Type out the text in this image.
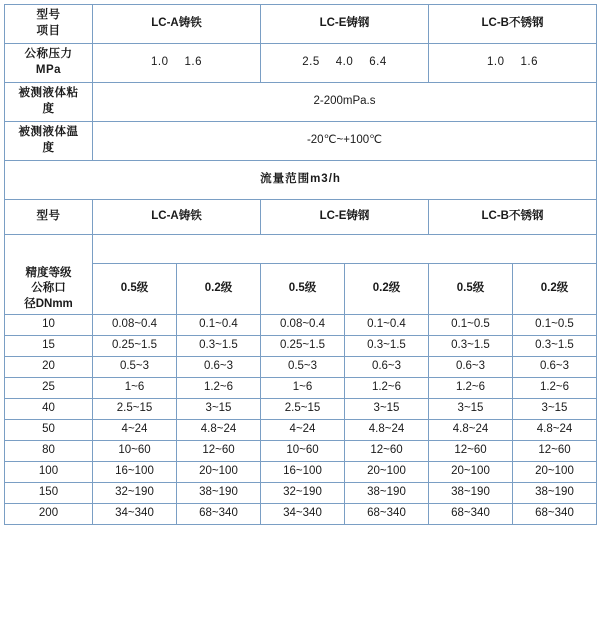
型号
项目	LC-A铸铁		LC-E铸钢		LC-B不锈钢	

公称压力
MPa	1.0 1.6		2.5 4.0 6.4		1.0 1.6	

被测液体粘
度	2-200mPa.s					

被测液体温
度	-20℃~+100℃					
流量范围m3/h						
型号	LC-A铸铁		LC-E铸钢		LC-B不锈钢	

精度等级
公称口
径DNmm	0.5级	0.2级	0.5级	0.2级	0.5级	0.2级
10	0.08~0.4	0.1~0.4	0.08~0.4	0.1~0.4	0.1~0.5	0.1~0.5
15	0.25~1.5	0.3~1.5	0.25~1.5	0.3~1.5	0.3~1.5	0.3~1.5
20	0.5~3	0.6~3	0.5~3	0.6~3	0.6~3	0.6~3
25	1~6	1.2~6	1~6	1.2~6	1.2~6	1.2~6
40	2.5~15	3~15	2.5~15	3~15	3~15	3~15
50	4~24	4.8~24	4~24	4.8~24	4.8~24	4.8~24
80	10~60	12~60	10~60	12~60	12~60	12~60
100	16~100	20~100	16~100	20~100	20~100	20~100
150	32~190	38~190	32~190	38~190	38~190	38~190
200	34~340	68~340	34~340	68~340	68~340	68~340
